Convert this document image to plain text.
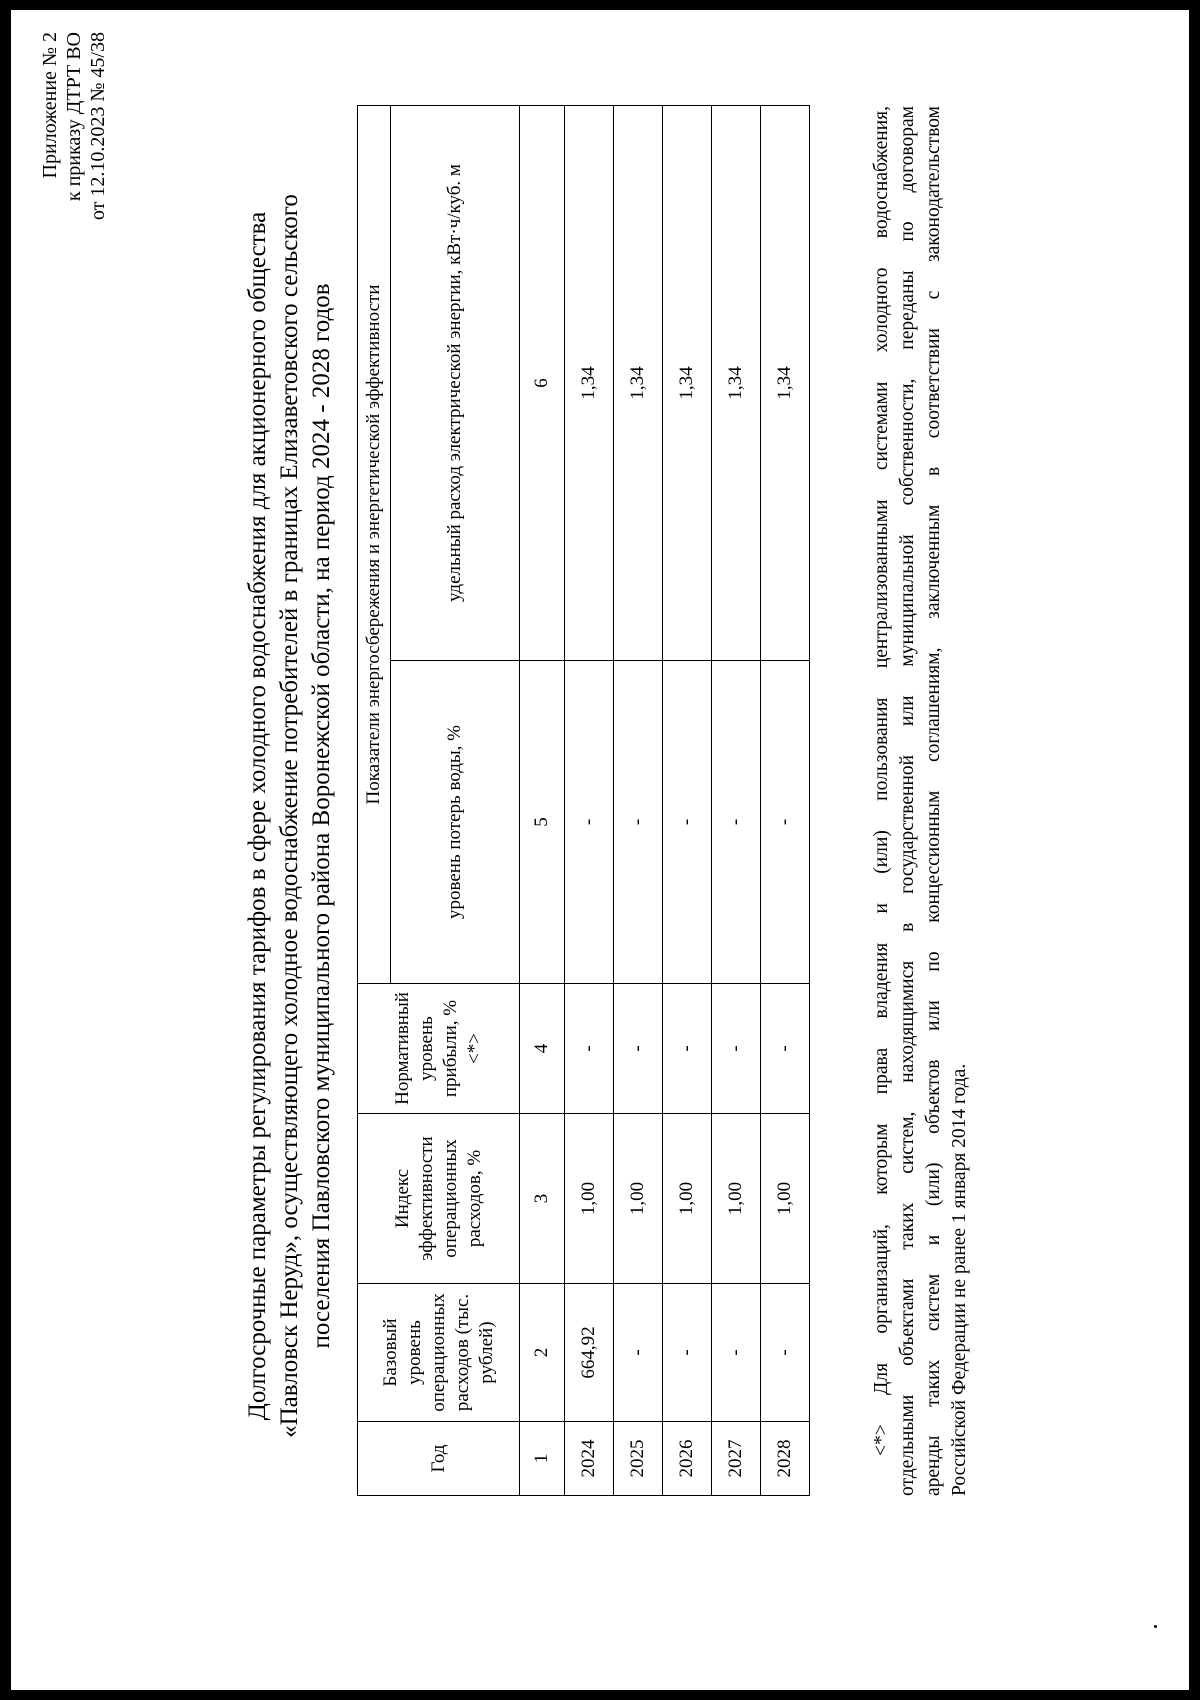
Приложение № 2 к приказу ДТРТ ВО от 12.10.2023 № 45/38
Долгосрочные параметры регулирования тарифов в сфере холодного водоснабжения для акционерного общества «Павловск Неруд», осуществляющего холодное водоснабжение потребителей в границах Елизаветовского сельского поселения Павловского муниципального района Воронежской области, на период 2024 - 2028 годов
Год	Базовый уровень операционных расходов (тыс. рублей)	Индекс эффективности операционных расходов, %	Нормативный уровень прибыли, % <*>	Показатели энергосбережения и энергетической эффективности	
				уровень потерь воды, %	удельный расход электрической энергии, кВт·ч/куб. м
1	2	3	4	5	6
2024	664,92	1,00	-	-	1,34
2025	-	1,00	-	-	1,34
2026	-	1,00	-	-	1,34
2027	-	1,00	-	-	1,34
2028	-	1,00	-	-	1,34	<*> Для организаций, которым права владения и (или) пользования централизованными системами холодного водоснабжения, отдельными объектами таких систем, находящимися в государственной или муниципальной собственности, переданы по договорам аренды таких систем и (или) объектов или по концессионным соглашениям, заключенным в соответствии с законодательством Российской Федерации не ранее 1 января 2014 года.
